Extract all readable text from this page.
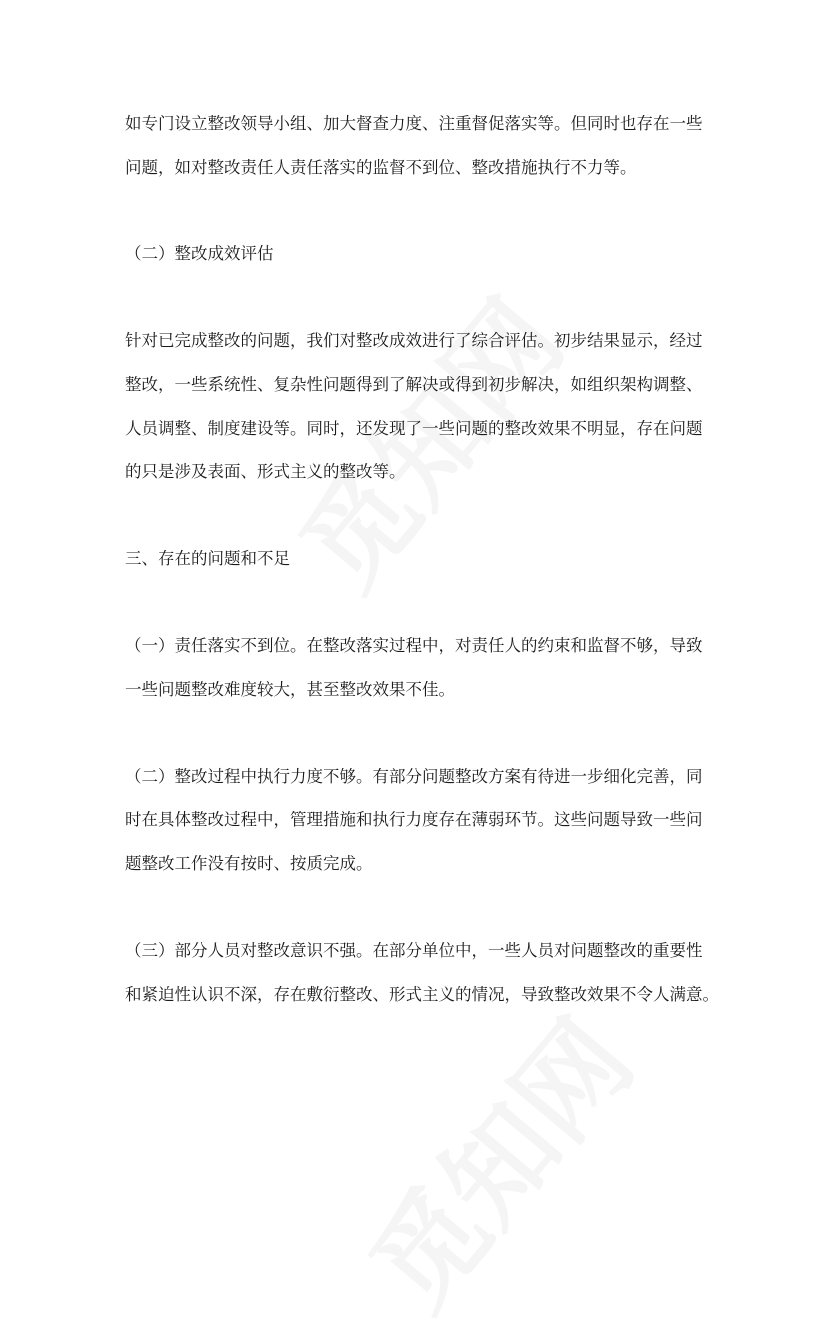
如专门设立整改领导小组、加大督查力度、注重督促落实等。但同时也存在一些
问题，如对整改责任人责任落实的监督不到位、整改措施执行不力等。
（二）整改成效评估
针对已完成整改的问题，我们对整改成效进行了综合评估。初步结果显示，经过
整改，一些系统性、复杂性问题得到了解决或得到初步解决，如组织架构调整、
人员调整、制度建设等。同时，还发现了一些问题的整改效果不明显，存在问题
的只是涉及表面、形式主义的整改等。
三、存在的问题和不足
（一）责任落实不到位。在整改落实过程中，对责任人的约束和监督不够，导致
一些问题整改难度较大，甚至整改效果不佳。
（二）整改过程中执行力度不够。有部分问题整改方案有待进一步细化完善，同
时在具体整改过程中，管理措施和执行力度存在薄弱环节。这些问题导致一些问
题整改工作没有按时、按质完成。
（三）部分人员对整改意识不强。在部分单位中，一些人员对问题整改的重要性
和紧迫性认识不深，存在敷衍整改、形式主义的情况，导致整改效果不令人满意。
